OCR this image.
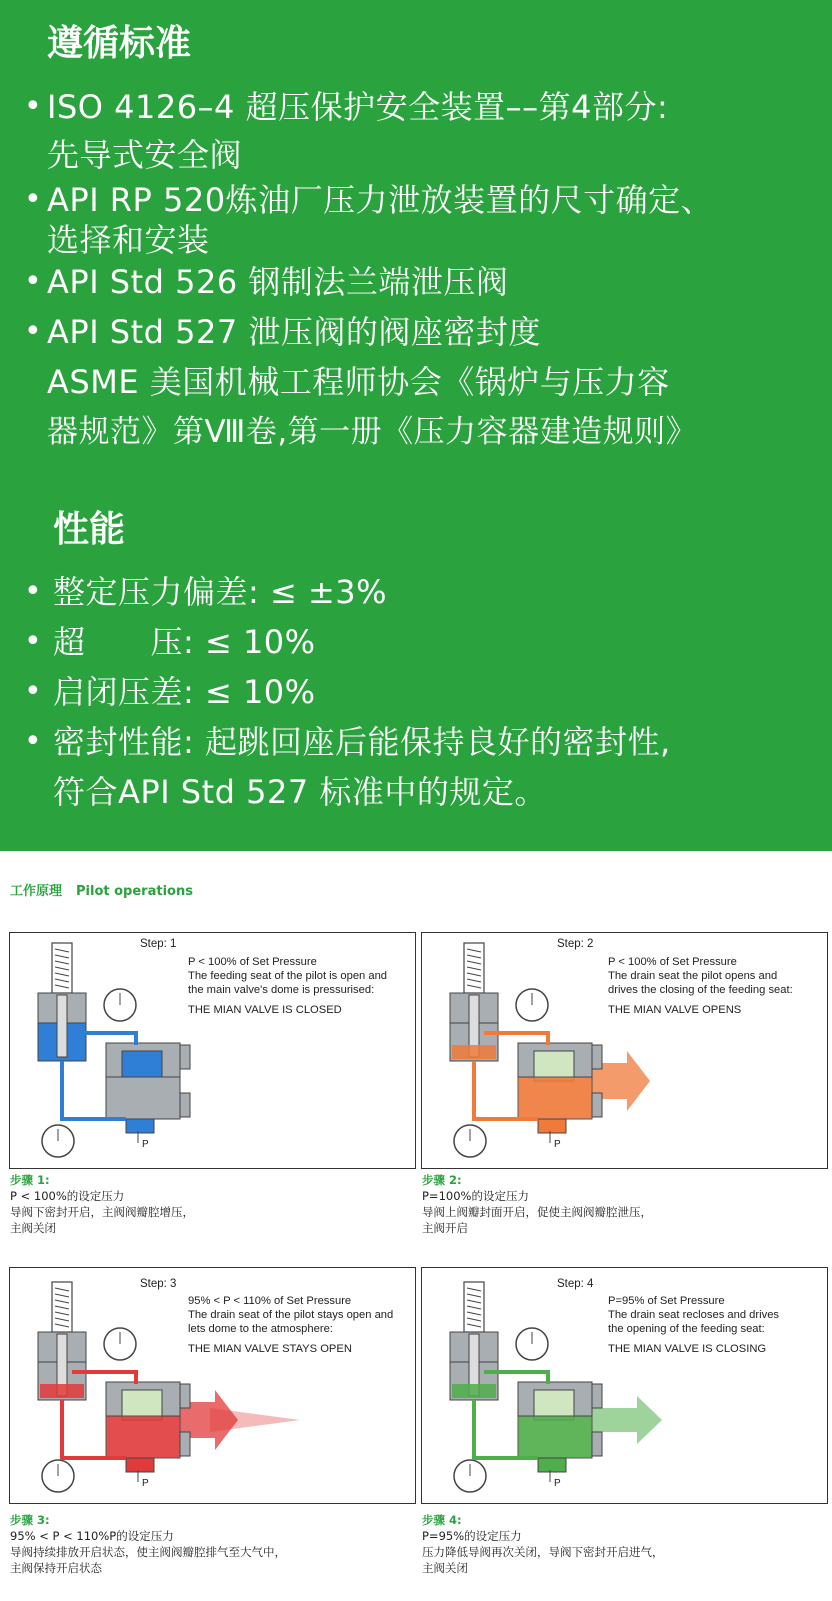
遵循标准
• ISO 4126–4 超压保护安全装置––第4部分:
先导式安全阀
• API RP 520炼油厂压力泄放装置的尺寸确定、
选择和安装
• API Std 526 钢制法兰端泄压阀
• API Std 527 泄压阀的阀座密封度
ASME 美国机械工程师协会《锅炉与压力容
器规范》第Ⅷ卷,第一册《压力容器建造规则》
性能
• 整定压力偏差: ≤ ±3%
• 超　　压: ≤ 10%
• 启闭压差: ≤ 10%
• 密封性能: 起跳回座后能保持良好的密封性,
符合API Std 527 标准中的规定。
工作原理 Pilot operations
P
Step: 1
P < 100% of Set Pressure
The feeding seat of the pilot is open and
the main valve's dome is pressurised:
THE MIAN VALVE IS CLOSED
P
Step: 2
P < 100% of Set Pressure
The drain seat the pilot opens and
drives the closing of the feeding seat:
THE MIAN VALVE OPENS
P
Step: 3
95% < P < 110% of Set Pressure
The drain seat of the pilot stays open and
lets dome to the atmosphere:
THE MIAN VALVE STAYS OPEN
P
Step: 4
P=95% of Set Pressure
The drain seat recloses and drives
the opening of the feeding seat:
THE MIAN VALVE IS CLOSING
步骤 1:
P < 100%的设定压力
导阀下密封开启，主阀阀瓣腔增压，
主阀关闭
步骤 2:
P=100%的设定压力
导阀上阀瓣封面开启，促使主阀阀瓣腔泄压，
主阀开启
步骤 3:
95% < P < 110%P的设定压力
导阀持续排放开启状态，使主阀阀瓣腔排气至大气中，
主阀保持开启状态
步骤 4:
P=95%的设定压力
压力降低导阀再次关闭，导阀下密封开启进气，
主阀关闭
